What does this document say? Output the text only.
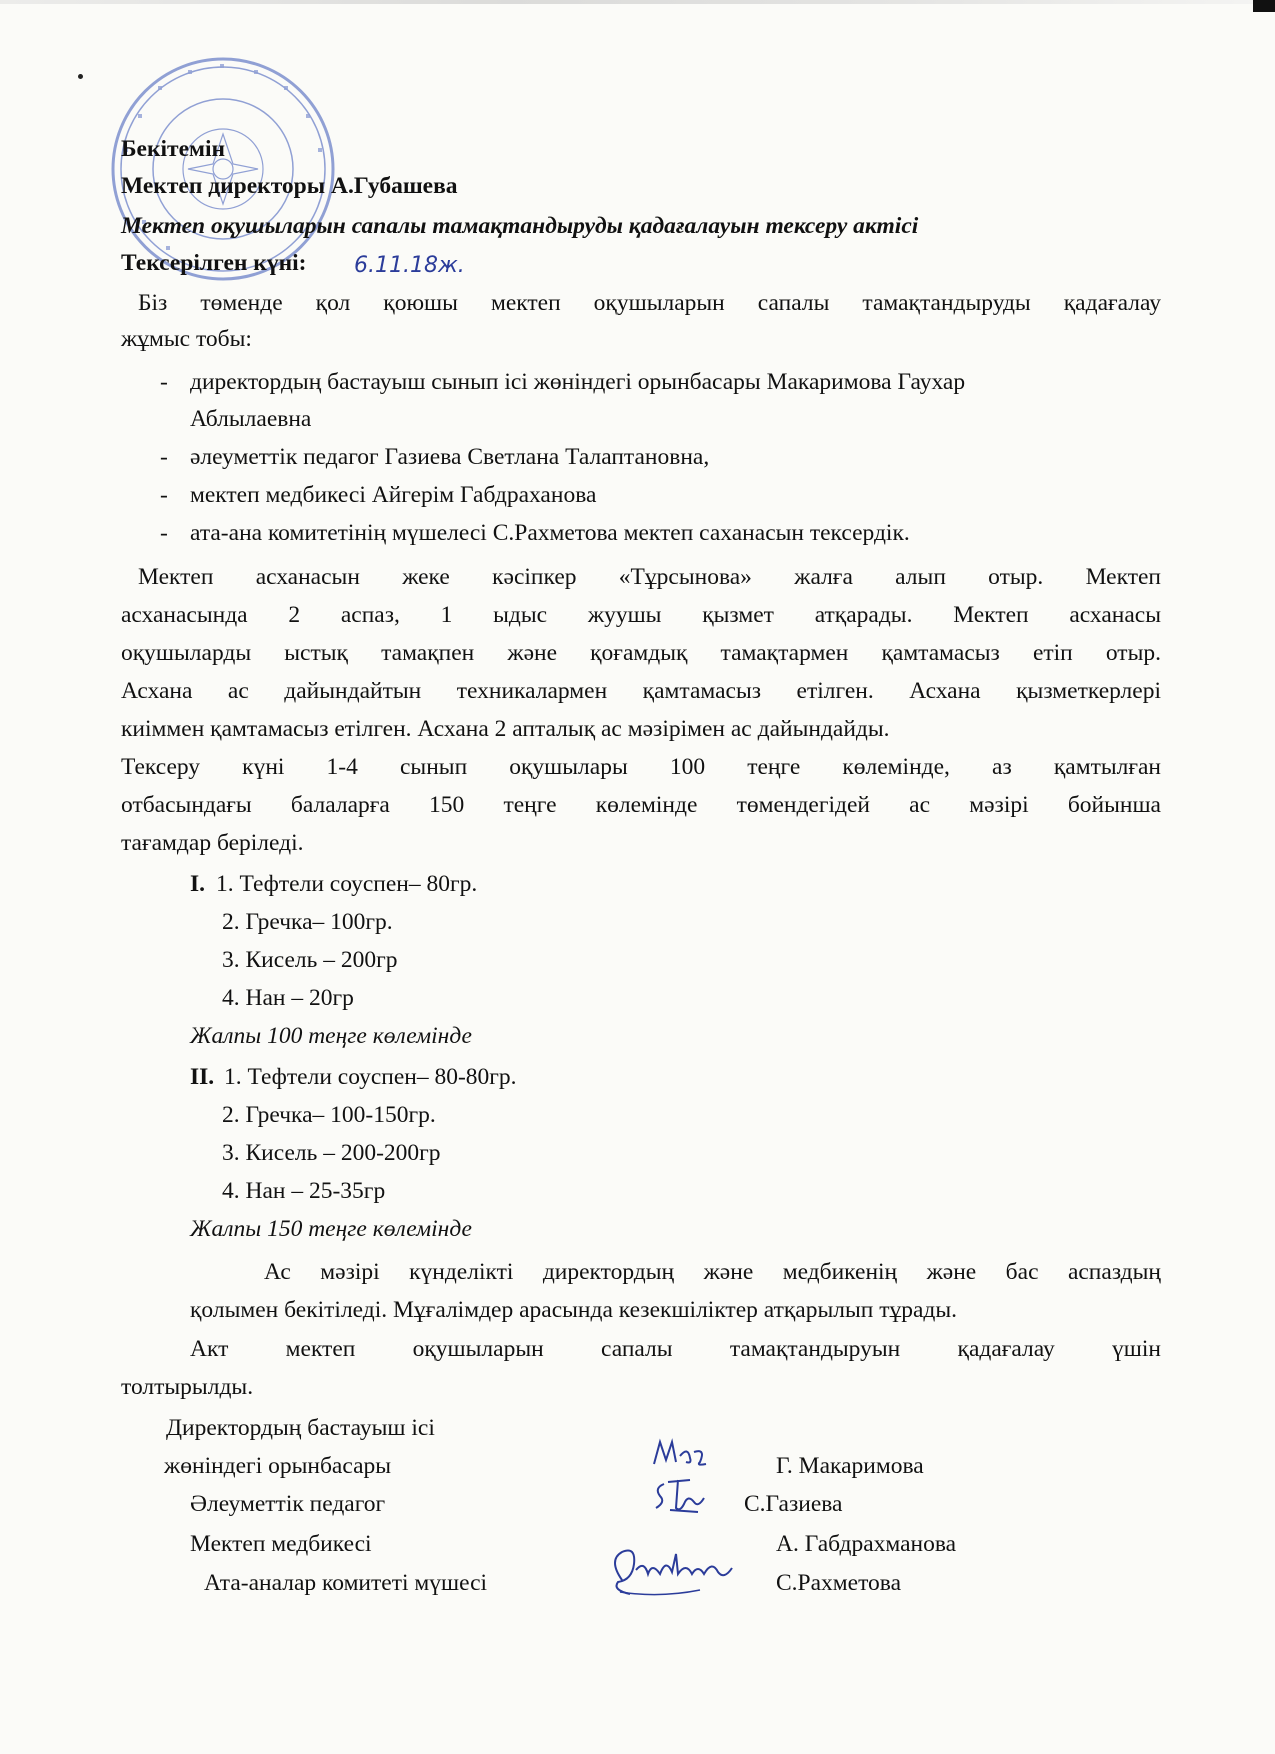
Бекітемін
Мектеп директоры А.Губашева
Мектеп оқушыларын сапалы тамақтандыруды қадағалауын тексеру актісі
Тексерілген күні: 6.11.18ж.
Біз төменде қол қоюшы мектеп оқушыларын сапалы тамақтандыруды қадағалау
жұмыс тобы:
- директордың бастауыш сынып ісі жөніндегі орынбасары Макаримова Гаухар
Аблылаевна
- әлеуметтік педагог Газиева Светлана Талаптановна,
- мектеп медбикесі Айгерім Габдраханова
- ата-ана комитетінің мүшелесі С.Рахметова мектеп саханасын тексердік.
Мектеп асханасын жеке кәсіпкер «Тұрсынова» жалға алып отыр. Мектеп
асханасында 2 аспаз, 1 ыдыс жуушы қызмет атқарады. Мектеп асханасы
оқушыларды ыстық тамақпен және қоғамдық тамақтармен қамтамасыз етіп отыр.
Асхана ас дайындайтын техникалармен қамтамасыз етілген. Асхана қызметкерлері
киіммен қамтамасыз етілген. Асхана 2 апталық ас мәзірімен ас дайындайды.
Тексеру күні 1-4 сынып оқушылары 100 теңге көлемінде, аз қамтылған
отбасындағы балаларға 150 теңге көлемінде төмендегідей ас мәзірі бойынша
тағамдар беріледі.
I. 1. Тефтели соуспен– 80гр.
2. Гречка– 100гр.
3. Кисель – 200гр
4. Нан – 20гр
Жалпы 100 теңге көлемінде
II. 1. Тефтели соуспен– 80-80гр.
2. Гречка– 100-150гр.
3. Кисель – 200-200гр
4. Нан – 25-35гр
Жалпы 150 теңге көлемінде
Ас мәзірі күнделікті директордың және медбикенің және бас аспаздың
қолымен бекітіледі. Мұғалімдер арасында кезекшіліктер атқарылып тұрады.
Акт мектеп оқушыларын сапалы тамақтандыруын қадағалау үшін
толтырылды.
Директордың бастауыш ісі
жөніндегі орынбасары	Г. Макаримова
Әлеуметтік педагог	С.Газиева
Мектеп медбикесі	А. Габдрахманова
Ата-аналар комитеті мүшесі	С.Рахметова
